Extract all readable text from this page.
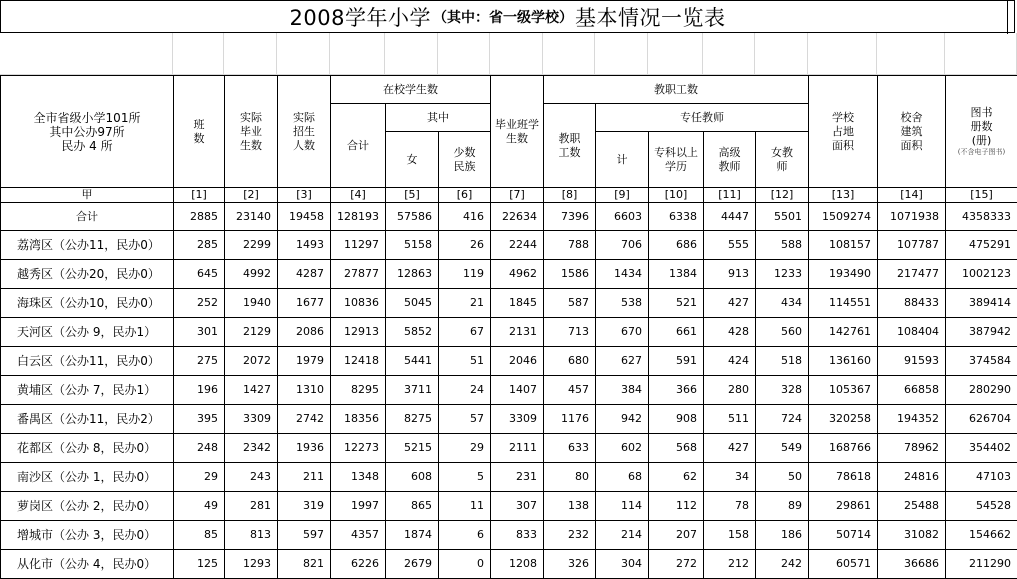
2008学年小学 （其中：省一级学校） 基本情况一览表
全市省级小学101所
其中公办97所
民办 4 所	班数	实际毕业生数	实际招生人数	在校学生数			毕业班学生数	教职工数					学校占地面积	校舍建筑面积	图书册数(册)
(不含电子图书)

				合计	其中			教职工数	专任教师						
					女	少数民族			计	专科以上学历	高级教师	女教师			
甲	[1]	[2]	[3]	[4]	[5]	[6]	[7]	[8]	[9]	[10]	[11]	[12]	[13]	[14]	[15]
合计	2885	23140	19458	128193	57586	416	22634	7396	6603	6338	4447	5501	1509274	1071938	4358333
荔湾区（公办11，民办0）	285	2299	1493	11297	5158	26	2244	788	706	686	555	588	108157	107787	475291
越秀区（公办20，民办0）	645	4992	4287	27877	12863	119	4962	1586	1434	1384	913	1233	193490	217477	1002123
海珠区（公办10，民办0）	252	1940	1677	10836	5045	21	1845	587	538	521	427	434	114551	88433	389414
天河区（公办 9，民办1）	301	2129	2086	12913	5852	67	2131	713	670	661	428	560	142761	108404	387942
白云区（公办11，民办0）	275	2072	1979	12418	5441	51	2046	680	627	591	424	518	136160	91593	374584
黄埔区（公办 7，民办1）	196	1427	1310	8295	3711	24	1407	457	384	366	280	328	105367	66858	280290
番禺区（公办11，民办2）	395	3309	2742	18356	8275	57	3309	1176	942	908	511	724	320258	194352	626704
花都区（公办 8，民办0）	248	2342	1936	12273	5215	29	2111	633	602	568	427	549	168766	78962	354402
南沙区（公办 1，民办0）	29	243	211	1348	608	5	231	80	68	62	34	50	78618	24816	47103
萝岗区（公办 2，民办0）	49	281	319	1997	865	11	307	138	114	112	78	89	29861	25488	54528
增城市（公办 3，民办0）	85	813	597	4357	1874	6	833	232	214	207	158	186	50714	31082	154662
从化市（公办 4，民办0）	125	1293	821	6226	2679	0	1208	326	304	272	212	242	60571	36686	211290
